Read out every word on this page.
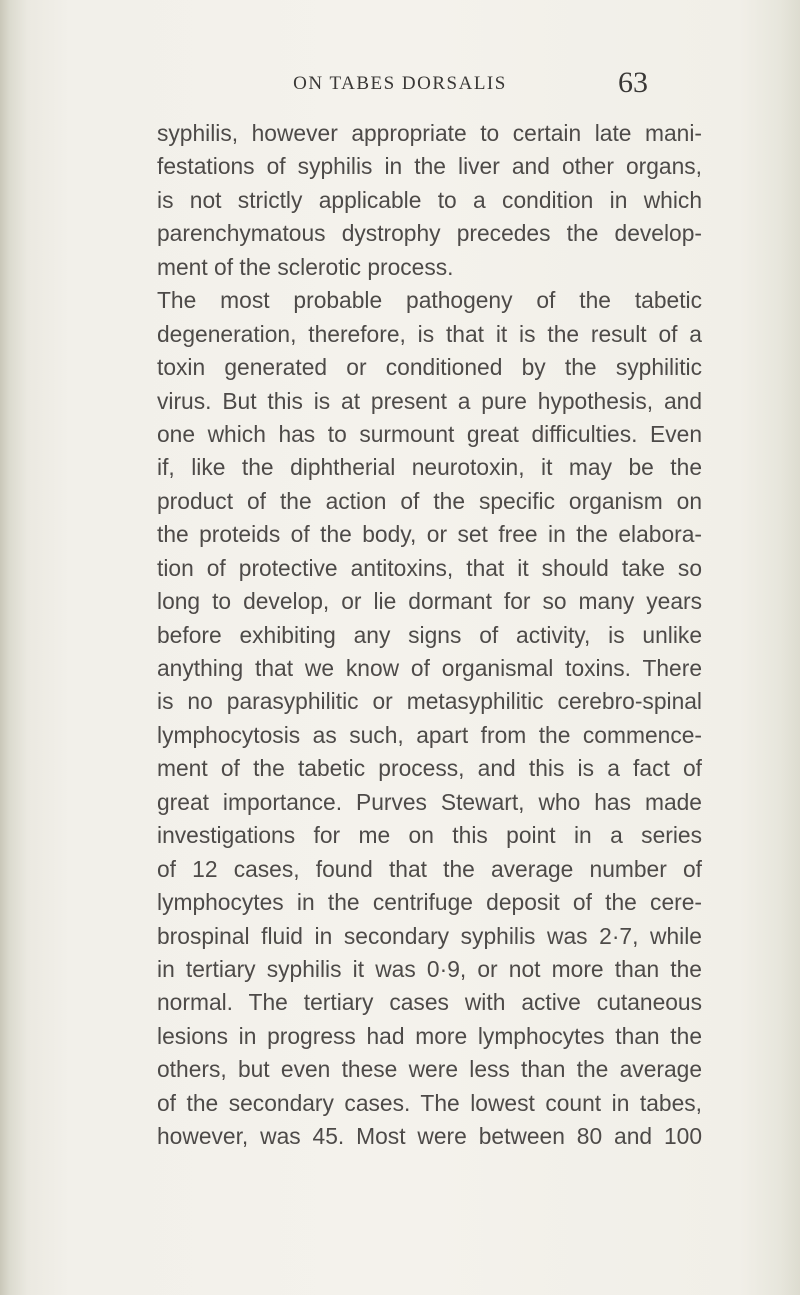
ON TABES DORSALIS	63
syphilis, however appropriate to certain late mani-
festations of syphilis in the liver and other organs,
is not strictly applicable to a condition in which
parenchymatous dystrophy precedes the develop-
ment of the sclerotic process.
The most probable pathogeny of the tabetic
degeneration, therefore, is that it is the result of a
toxin generated or conditioned by the syphilitic
virus. But this is at present a pure hypothesis, and
one which has to surmount great difficulties. Even
if, like the diphtherial neurotoxin, it may be the
product of the action of the specific organism on
the proteids of the body, or set free in the elabora-
tion of protective antitoxins, that it should take so
long to develop, or lie dormant for so many years
before exhibiting any signs of activity, is unlike
anything that we know of organismal toxins. There
is no parasyphilitic or metasyphilitic cerebro-spinal
lymphocytosis as such, apart from the commence-
ment of the tabetic process, and this is a fact of
great importance. Purves Stewart, who has made
investigations for me on this point in a series
of 12 cases, found that the average number of
lymphocytes in the centrifuge deposit of the cere-
brospinal fluid in secondary syphilis was 2·7, while
in tertiary syphilis it was 0·9, or not more than the
normal. The tertiary cases with active cutaneous
lesions in progress had more lymphocytes than the
others, but even these were less than the average
of the secondary cases. The lowest count in tabes,
however, was 45. Most were between 80 and 100
